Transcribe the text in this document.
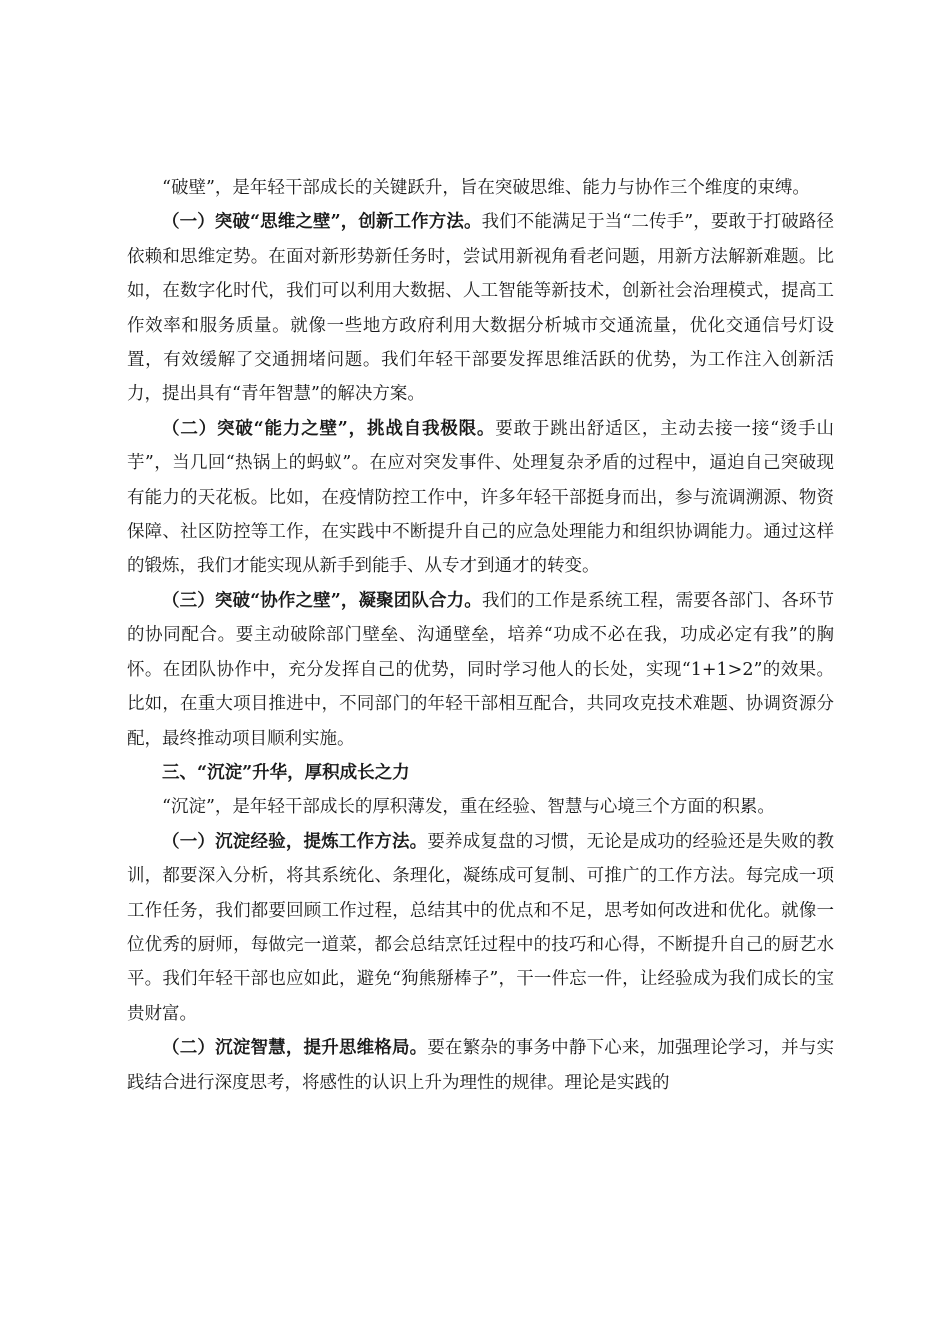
“破壁”，是年轻干部成长的关键跃升，旨在突破思维、能力与协作三个维度的束缚。

（一）突破“思维之壁”，创新工作方法。我们不能满足于当“二传手”，要敢于打破路径依赖和思维定势。在面对新形势新任务时，尝试用新视角看老问题，用新方法解新难题。比如，在数字化时代，我们可以利用大数据、人工智能等新技术，创新社会治理模式，提高工作效率和服务质量。就像一些地方政府利用大数据分析城市交通流量，优化交通信号灯设置，有效缓解了交通拥堵问题。我们年轻干部要发挥思维活跃的优势，为工作注入创新活力，提出具有“青年智慧”的解决方案。

（二）突破“能力之壁”，挑战自我极限。要敢于跳出舒适区，主动去接一接“烫手山芋”，当几回“热锅上的蚂蚁”。在应对突发事件、处理复杂矛盾的过程中，逼迫自己突破现有能力的天花板。比如，在疫情防控工作中，许多年轻干部挺身而出，参与流调溯源、物资保障、社区防控等工作，在实践中不断提升自己的应急处理能力和组织协调能力。通过这样的锻炼，我们才能实现从新手到能手、从专才到通才的转变。

（三）突破“协作之壁”，凝聚团队合力。我们的工作是系统工程，需要各部门、各环节的协同配合。要主动破除部门壁垒、沟通壁垒，培养“功成不必在我，功成必定有我”的胸怀。在团队协作中，充分发挥自己的优势，同时学习他人的长处，实现“1+1>2”的效果。比如，在重大项目推进中，不同部门的年轻干部相互配合，共同攻克技术难题、协调资源分配，最终推动项目顺利实施。

三、“沉淀”升华，厚积成长之力

“沉淀”，是年轻干部成长的厚积薄发，重在经验、智慧与心境三个方面的积累。

（一）沉淀经验，提炼工作方法。要养成复盘的习惯，无论是成功的经验还是失败的教训，都要深入分析，将其系统化、条理化，凝练成可复制、可推广的工作方法。每完成一项工作任务，我们都要回顾工作过程，总结其中的优点和不足，思考如何改进和优化。就像一位优秀的厨师，每做完一道菜，都会总结烹饪过程中的技巧和心得，不断提升自己的厨艺水平。我们年轻干部也应如此，避免“狗熊掰棒子”，干一件忘一件，让经验成为我们成长的宝贵财富。

（二）沉淀智慧，提升思维格局。要在繁杂的事务中静下心来，加强理论学习，并与实践结合进行深度思考，将感性的认识上升为理性的规律。理论是实践的
